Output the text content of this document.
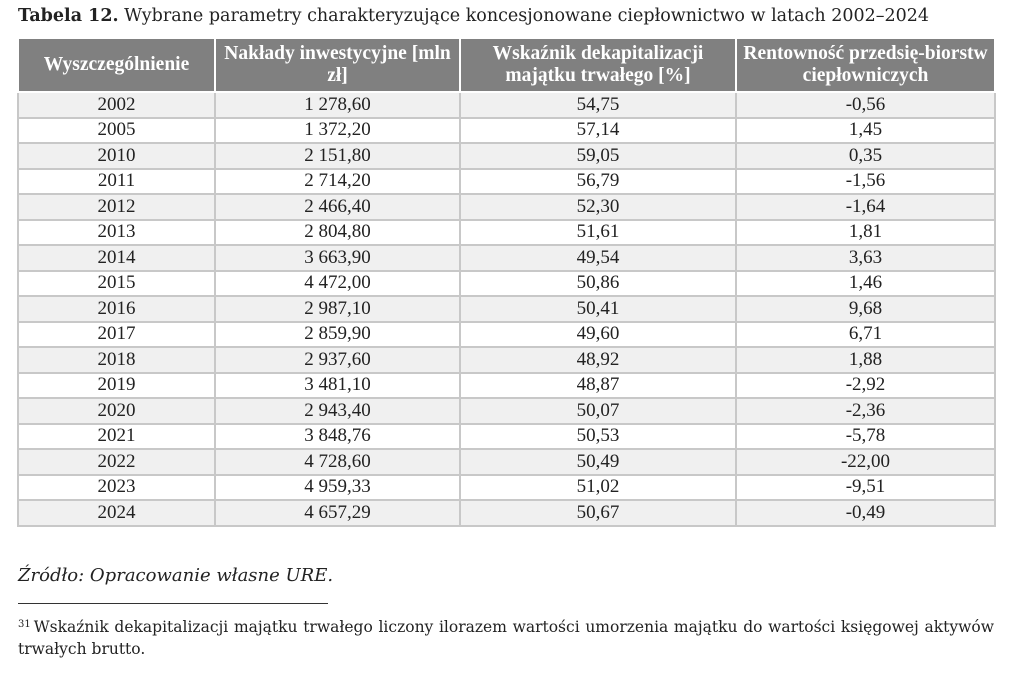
Tabela 12. Wybrane parametry charakteryzujące koncesjonowane ciepłownictwo w latach 2002–2024
Wyszczególnienie	Nakłady inwestycyjne [mln zł]	Wskaźnik dekapitalizacji majątku trwałego [%]	Rentowność przedsię-biorstw ciepłowniczych
2002	1 278,60	54,75	-0,56
2005	1 372,20	57,14	1,45
2010	2 151,80	59,05	0,35
2011	2 714,20	56,79	-1,56
2012	2 466,40	52,30	-1,64
2013	2 804,80	51,61	1,81
2014	3 663,90	49,54	3,63
2015	4 472,00	50,86	1,46
2016	2 987,10	50,41	9,68
2017	2 859,90	49,60	6,71
2018	2 937,60	48,92	1,88
2019	3 481,10	48,87	-2,92
2020	2 943,40	50,07	-2,36
2021	3 848,76	50,53	-5,78
2022	4 728,60	50,49	-22,00
2023	4 959,33	51,02	-9,51
2024	4 657,29	50,67	-0,49
Źródło: Opracowanie własne URE.
$^{31}$ Wskaźnik dekapitalizacji majątku trwałego liczony ilorazem wartości umorzenia majątku do wartości księgowej aktywów trwałych brutto.
